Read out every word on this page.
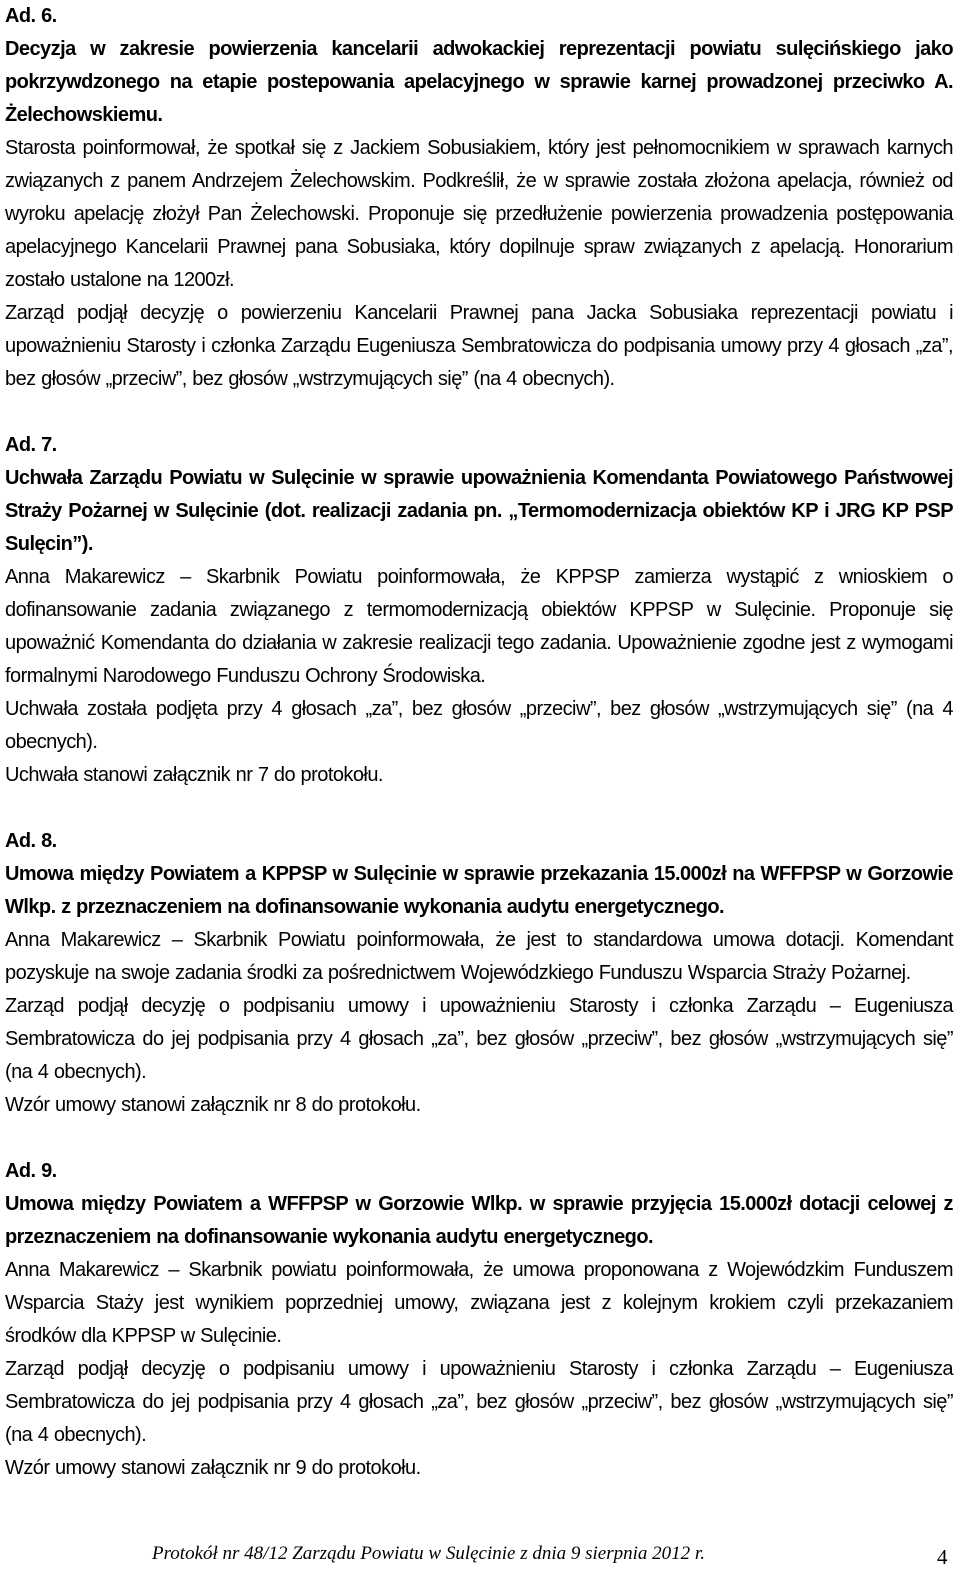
Ad. 6.

Decyzja w zakresie powierzenia kancelarii adwokackiej reprezentacji powiatu sulęcińskiego jako pokrzywdzonego na etapie postepowania apelacyjnego w sprawie karnej prowadzonej przeciwko A. Żelechowskiemu.

Starosta poinformował, że spotkał się z Jackiem Sobusiakiem, który jest pełnomocnikiem w sprawach karnych związanych z panem Andrzejem Żelechowskim. Podkreślił, że w sprawie została złożona apelacja, również od wyroku apelację złożył Pan Żelechowski. Proponuje się przedłużenie powierzenia prowadzenia postępowania apelacyjnego Kancelarii Prawnej pana Sobusiaka, który dopilnuje spraw związanych z apelacją. Honorarium zostało ustalone na 1200zł.

Zarząd podjął decyzję o powierzeniu Kancelarii Prawnej pana Jacka Sobusiaka reprezentacji powiatu i upoważnieniu Starosty i członka Zarządu Eugeniusza Sembratowicza do podpisania umowy przy 4 głosach „za”, bez głosów „przeciw”, bez głosów „wstrzymujących się” (na 4 obecnych).

Ad. 7.

Uchwała Zarządu Powiatu w Sulęcinie w sprawie upoważnienia Komendanta Powiatowego Państwowej Straży Pożarnej w Sulęcinie (dot. realizacji zadania pn. „Termomodernizacja obiektów KP i JRG KP PSP Sulęcin”).

Anna Makarewicz – Skarbnik Powiatu poinformowała, że KPPSP zamierza wystąpić z wnioskiem o dofinansowanie zadania związanego z termomodernizacją obiektów KPPSP w Sulęcinie. Proponuje się upoważnić Komendanta do działania w zakresie realizacji tego zadania. Upoważnienie zgodne jest z wymogami formalnymi Narodowego Funduszu Ochrony Środowiska.

Uchwała została podjęta przy 4 głosach „za”, bez głosów „przeciw”, bez głosów „wstrzymujących się” (na 4 obecnych).

Uchwała stanowi załącznik nr 7 do protokołu.

Ad. 8.

Umowa między Powiatem a KPPSP w Sulęcinie w sprawie przekazania 15.000zł na WFFPSP w Gorzowie Wlkp. z przeznaczeniem na dofinansowanie wykonania audytu energetycznego.

Anna Makarewicz – Skarbnik Powiatu poinformowała, że jest to standardowa umowa dotacji. Komendant pozyskuje na swoje zadania środki za pośrednictwem Wojewódzkiego Funduszu Wsparcia Straży Pożarnej.

Zarząd podjął decyzję o podpisaniu umowy i upoważnieniu Starosty i członka Zarządu – Eugeniusza Sembratowicza do jej podpisania przy 4 głosach „za”, bez głosów „przeciw”, bez głosów „wstrzymujących się” (na 4 obecnych).

Wzór umowy stanowi załącznik nr 8 do protokołu.

Ad. 9.

Umowa między Powiatem a WFFPSP w Gorzowie Wlkp. w sprawie przyjęcia 15.000zł dotacji celowej z przeznaczeniem na dofinansowanie wykonania audytu energetycznego.

Anna Makarewicz – Skarbnik powiatu poinformowała, że umowa proponowana z Wojewódzkim Funduszem Wsparcia Staży jest wynikiem poprzedniej umowy, związana jest z kolejnym krokiem czyli przekazaniem środków dla KPPSP w Sulęcinie.

Zarząd podjął decyzję o podpisaniu umowy i upoważnieniu Starosty i członka Zarządu – Eugeniusza Sembratowicza do jej podpisania przy 4 głosach „za”, bez głosów „przeciw”, bez głosów „wstrzymujących się” (na 4 obecnych).

Wzór umowy stanowi załącznik nr 9 do protokołu.

Protokół nr 48/12 Zarządu Powiatu w Sulęcinie z dnia 9 sierpnia 2012 r.	4
